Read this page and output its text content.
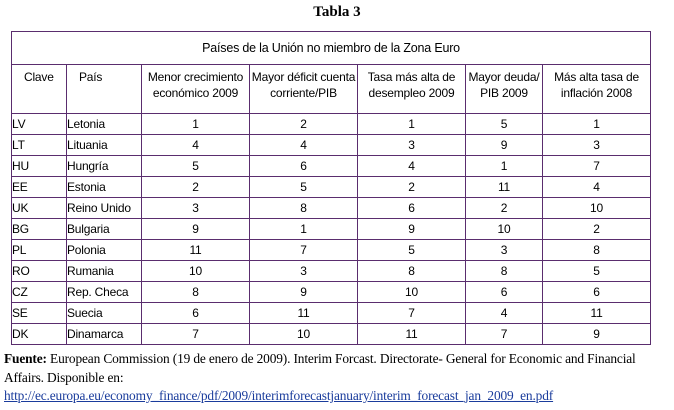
Tabla 3
Países de la Unión no miembro de la Zona Euro						
Clave	País	Menor crecimiento económico 2009	Mayor déficit cuenta corriente/PIB	Tasa más alta de desempleo 2009	Mayor deuda/ PIB 2009	Más alta tasa de inflación 2008
LV	Letonia	1	2	1	5	1
LT	Lituania	4	4	3	9	3
HU	Hungría	5	6	4	1	7
EE	Estonia	2	5	2	11	4
UK	Reino Unido	3	8	6	2	10
BG	Bulgaria	9	1	9	10	2
PL	Polonia	11	7	5	3	8
RO	Rumania	10	3	8	8	5
CZ	Rep. Checa	8	9	10	6	6
SE	Suecia	6	11	7	4	11
DK	Dinamarca	7	10	11	7	9
Fuente: European Commission (19 de enero de 2009). Interim Forcast. Directorate- General for Economic and Financial Affairs. Disponible en: http://ec.europa.eu/economy_finance/pdf/2009/interimforecastjanuary/interim_forecast_jan_2009_en.pdf
